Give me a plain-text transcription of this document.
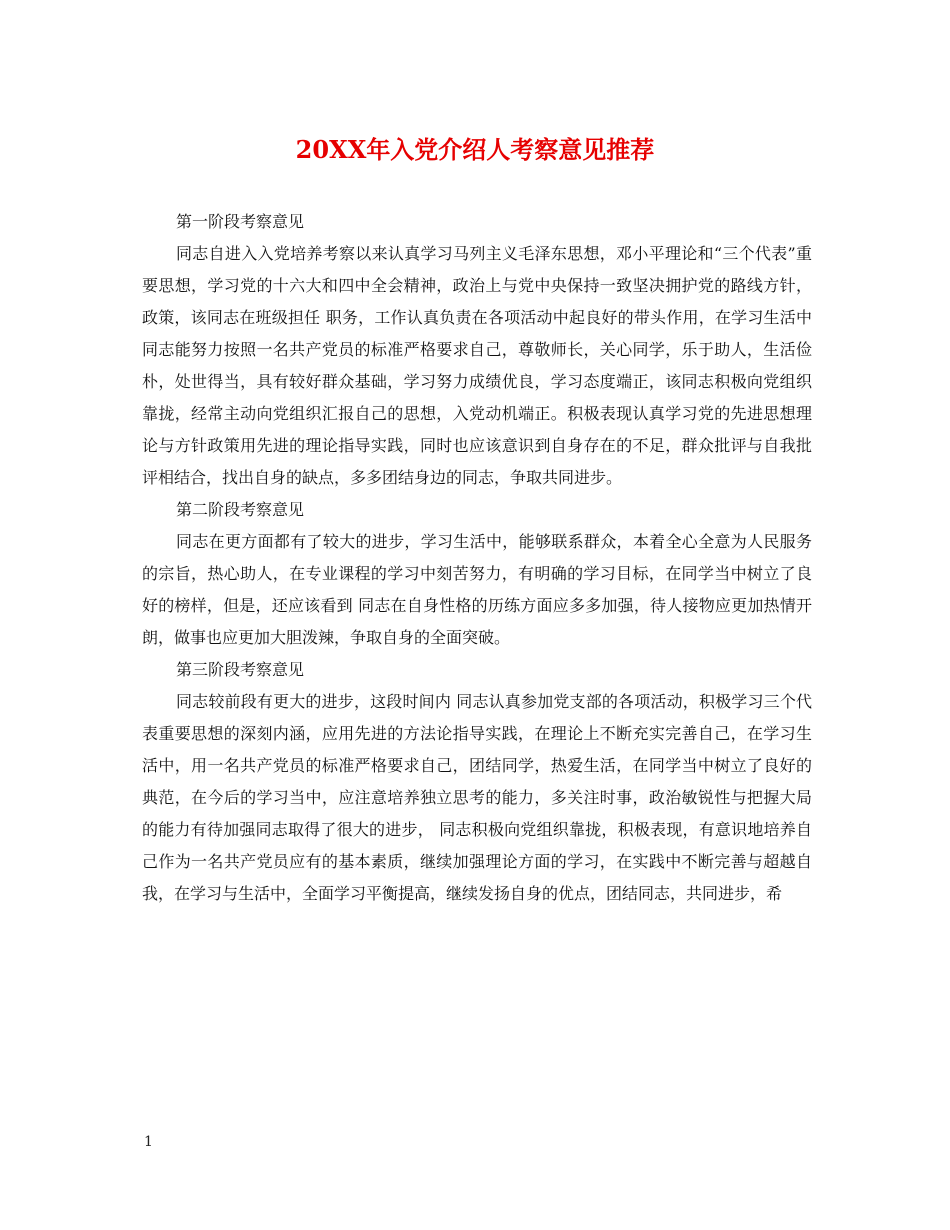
20XX年入党介绍人考察意见推荐
第一阶段考察意见
同志自进入入党培养考察以来认真学习马列主义毛泽东思想，邓小平理论和“三个代表”重要思想，学习党的十六大和四中全会精神，政治上与党中央保持一致坚决拥护党的路线方针，政策，该同志在班级担任 职务，工作认真负责在各项活动中起良好的带头作用，在学习生活中 同志能努力按照一名共产党员的标准严格要求自己，尊敬师长，关心同学，乐于助人，生活俭朴，处世得当，具有较好群众基础，学习努力成绩优良，学习态度端正，该同志积极向党组织靠拢，经常主动向党组织汇报自己的思想，入党动机端正。积极表现认真学习党的先进思想理论与方针政策用先进的理论指导实践，同时也应该意识到自身存在的不足，群众批评与自我批评相结合，找出自身的缺点，多多团结身边的同志，争取共同进步。
第二阶段考察意见
同志在更方面都有了较大的进步，学习生活中，能够联系群众，本着全心全意为人民服务的宗旨，热心助人，在专业课程的学习中刻苦努力，有明确的学习目标，在同学当中树立了良好的榜样，但是，还应该看到 同志在自身性格的历练方面应多多加强，待人接物应更加热情开朗，做事也应更加大胆泼辣，争取自身的全面突破。
第三阶段考察意见
同志较前段有更大的进步，这段时间内 同志认真参加党支部的各项活动，积极学习三个代表重要思想的深刻内涵，应用先进的方法论指导实践，在理论上不断充实完善自己，在学习生活中，用一名共产党员的标准严格要求自己，团结同学，热爱生活，在同学当中树立了良好的典范，在今后的学习当中，应注意培养独立思考的能力，多关注时事，政治敏锐性与把握大局的能力有待加强同志取得了很大的进步， 同志积极向党组织靠拢，积极表现，有意识地培养自己作为一名共产党员应有的基本素质，继续加强理论方面的学习，在实践中不断完善与超越自我，在学习与生活中，全面学习平衡提高，继续发扬自身的优点，团结同志，共同进步，希
1
